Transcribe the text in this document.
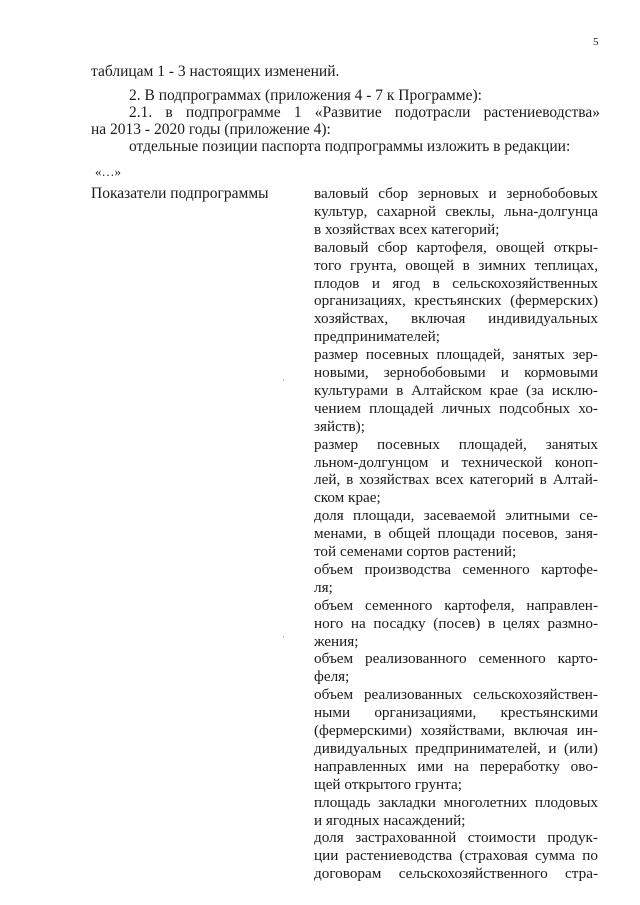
5
таблицам 1 - 3 настоящих изменений.
2. В подпрограммах (приложения 4 - 7 к Программе):
2.1. в подпрограмме 1 «Развитие подотрасли растениеводства»
на 2013 - 2020 годы (приложение 4):
отдельные позиции паспорта подпрограммы изложить в редакции:
«…»
Показатели подпрограммы	валовый сбор зерновых и зернобобовых
культур, сахарной свеклы, льна-долгунца
в хозяйствах всех категорий;
валовый сбор картофеля, овощей откры-
того грунта, овощей в зимних теплицах,
плодов и ягод в сельскохозяйственных
организациях, крестьянских (фермерских)
хозяйствах, включая индивидуальных
предпринимателей;
размер посевных площадей, занятых зер-
новыми, зернобобовыми и кормовыми
культурами в Алтайском крае (за исклю-
чением площадей личных подсобных хо-
зяйств);
размер посевных площадей, занятых
льном-долгунцом и технической коноп-
лей, в хозяйствах всех категорий в Алтай-
ском крае;
доля площади, засеваемой элитными се-
менами, в общей площади посевов, заня-
той семенами сортов растений;
объем производства семенного картофе-
ля;
объем семенного картофеля, направлен-
ного на посадку (посев) в целях размно-
жения;
объем реализованного семенного карто-
феля;
объем реализованных сельскохозяйствен-
ными организациями, крестьянскими
(фермерскими) хозяйствами, включая ин-
дивидуальных предпринимателей, и (или)
направленных ими на переработку ово-
щей открытого грунта;
площадь закладки многолетних плодовых
и ягодных насаждений;
доля застрахованной стоимости продук-
ции растениеводства (страховая сумма по
договорам сельскохозяйственного стра-
